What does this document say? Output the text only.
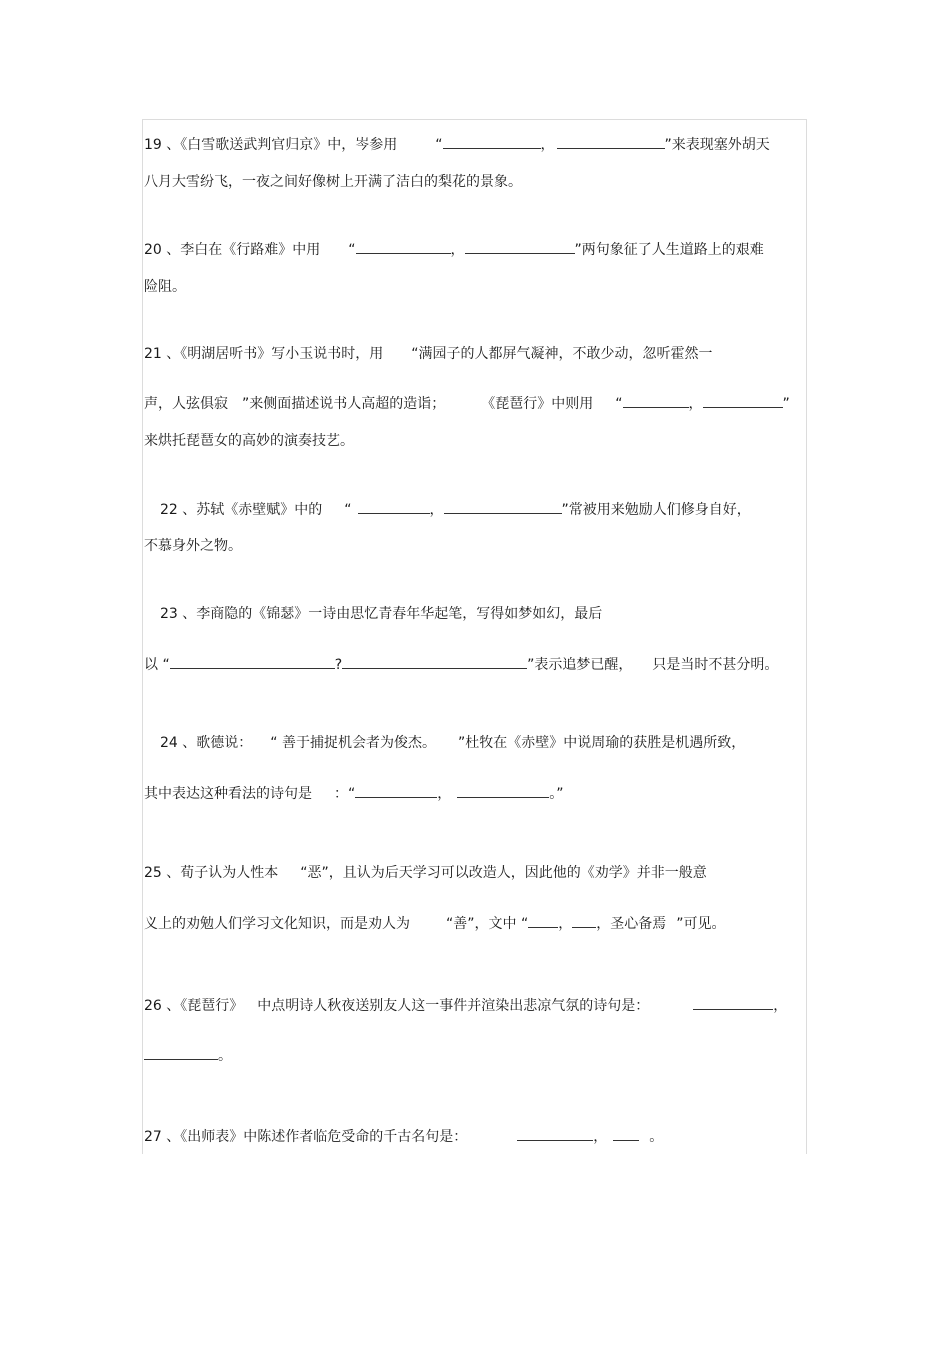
19 、《白雪歌送武判官归京》中，岑参用	“	，	”来表现塞外胡天
八月大雪纷飞，一夜之间好像树上开满了洁白的梨花的景象。
20 、李白在《行路难》中用 “	，	”两句象征了人生道路上的艰难
险阻。
21 、《明湖居听书》写小玉说书时，用　　“满园子的人都屏气凝神，不敢少动，忽听霍然一
声，人弦俱寂　”来侧面描述说书人高超的造诣；	《琵琶行》中则用 “	，	”
来烘托琵琶女的高妙的演奏技艺。
22 、苏轼《赤壁赋》中的 “	，	”常被用来勉励人们修身自好，
不慕身外之物。
23 、李商隐的《锦瑟》一诗由思忆青春年华起笔，写得如梦如幻，最后
以 “	?	”表示追梦已醒， 只是当时不甚分明。
24 、歌德说： “ 善于捕捉机会者为俊杰。 ”杜牧在《赤壁》中说周瑜的获胜是机遇所致，
其中表达这种看法的诗句是 ：“	，	。”
25 、荀子认为人性本 “恶”，且认为后天学习可以改造人，因此他的《劝学》并非一般意
义上的劝勉人们学习文化知识，而是劝人为	“善”，文中 “ ， ，圣心备焉 ”可见。
26 、《琵琶行》 中点明诗人秋夜送别友人这一事件并渲染出悲凉气氛的诗句是：	，
。
27 、《出师表》中陈述作者临危受命的千古名句是：	，	。
